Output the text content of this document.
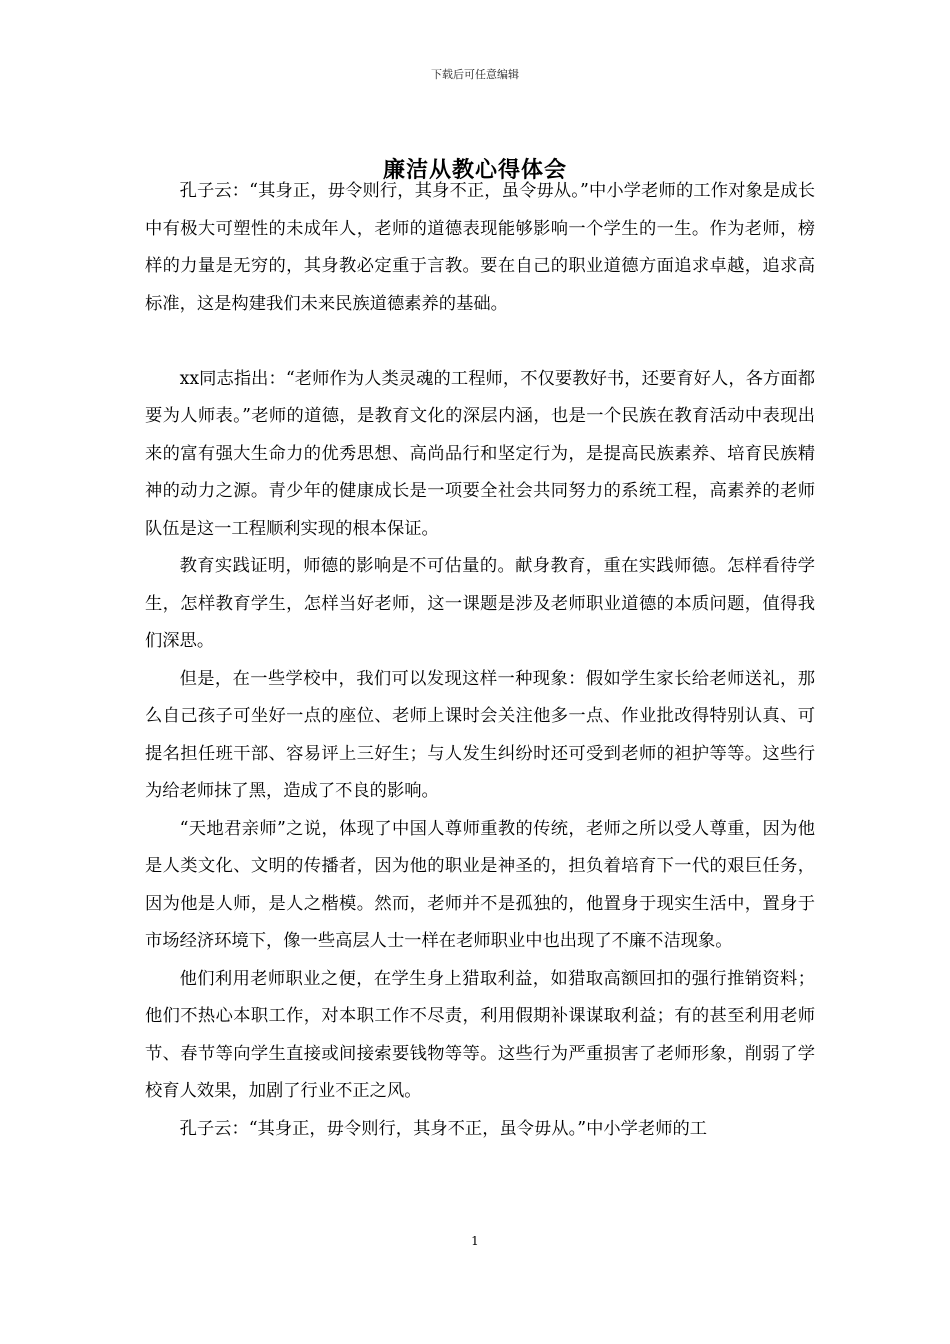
下载后可任意编辑
廉洁从教心得体会

孔子云：“其身正，毋令则行，其身不正，虽令毋从。”中小学老师的工作对象是成长中有极大可塑性的未成年人，老师的道德表现能够影响一个学生的一生。作为老师，榜样的力量是无穷的，其身教必定重于言教。要在自己的职业道德方面追求卓越，追求高标准，这是构建我们未来民族道德素养的基础。

xx同志指出：“老师作为人类灵魂的工程师，不仅要教好书，还要育好人，各方面都要为人师表。”老师的道德，是教育文化的深层内涵，也是一个民族在教育活动中表现出来的富有强大生命力的优秀思想、高尚品行和坚定行为，是提高民族素养、培育民族精神的动力之源。青少年的健康成长是一项要全社会共同努力的系统工程，高素养的老师队伍是这一工程顺利实现的根本保证。

教育实践证明，师德的影响是不可估量的。献身教育，重在实践师德。怎样看待学生，怎样教育学生，怎样当好老师，这一课题是涉及老师职业道德的本质问题，值得我们深思。

但是，在一些学校中，我们可以发现这样一种现象：假如学生家长给老师送礼，那么自己孩子可坐好一点的座位、老师上课时会关注他多一点、作业批改得特别认真、可提名担任班干部、容易评上三好生；与人发生纠纷时还可受到老师的袒护等等。这些行为给老师抹了黑，造成了不良的影响。

“天地君亲师”之说，体现了中国人尊师重教的传统，老师之所以受人尊重，因为他是人类文化、文明的传播者，因为他的职业是神圣的，担负着培育下一代的艰巨任务，因为他是人师，是人之楷模。然而，老师并不是孤独的，他置身于现实生活中，置身于市场经济环境下，像一些高层人士一样在老师职业中也出现了不廉不洁现象。

他们利用老师职业之便，在学生身上猎取利益，如猎取高额回扣的强行推销资料；他们不热心本职工作，对本职工作不尽责，利用假期补课谋取利益；有的甚至利用老师节、春节等向学生直接或间接索要钱物等等。这些行为严重损害了老师形象，削弱了学校育人效果，加剧了行业不正之风。

孔子云：“其身正，毋令则行，其身不正，虽令毋从。”中小学老师的工

1
